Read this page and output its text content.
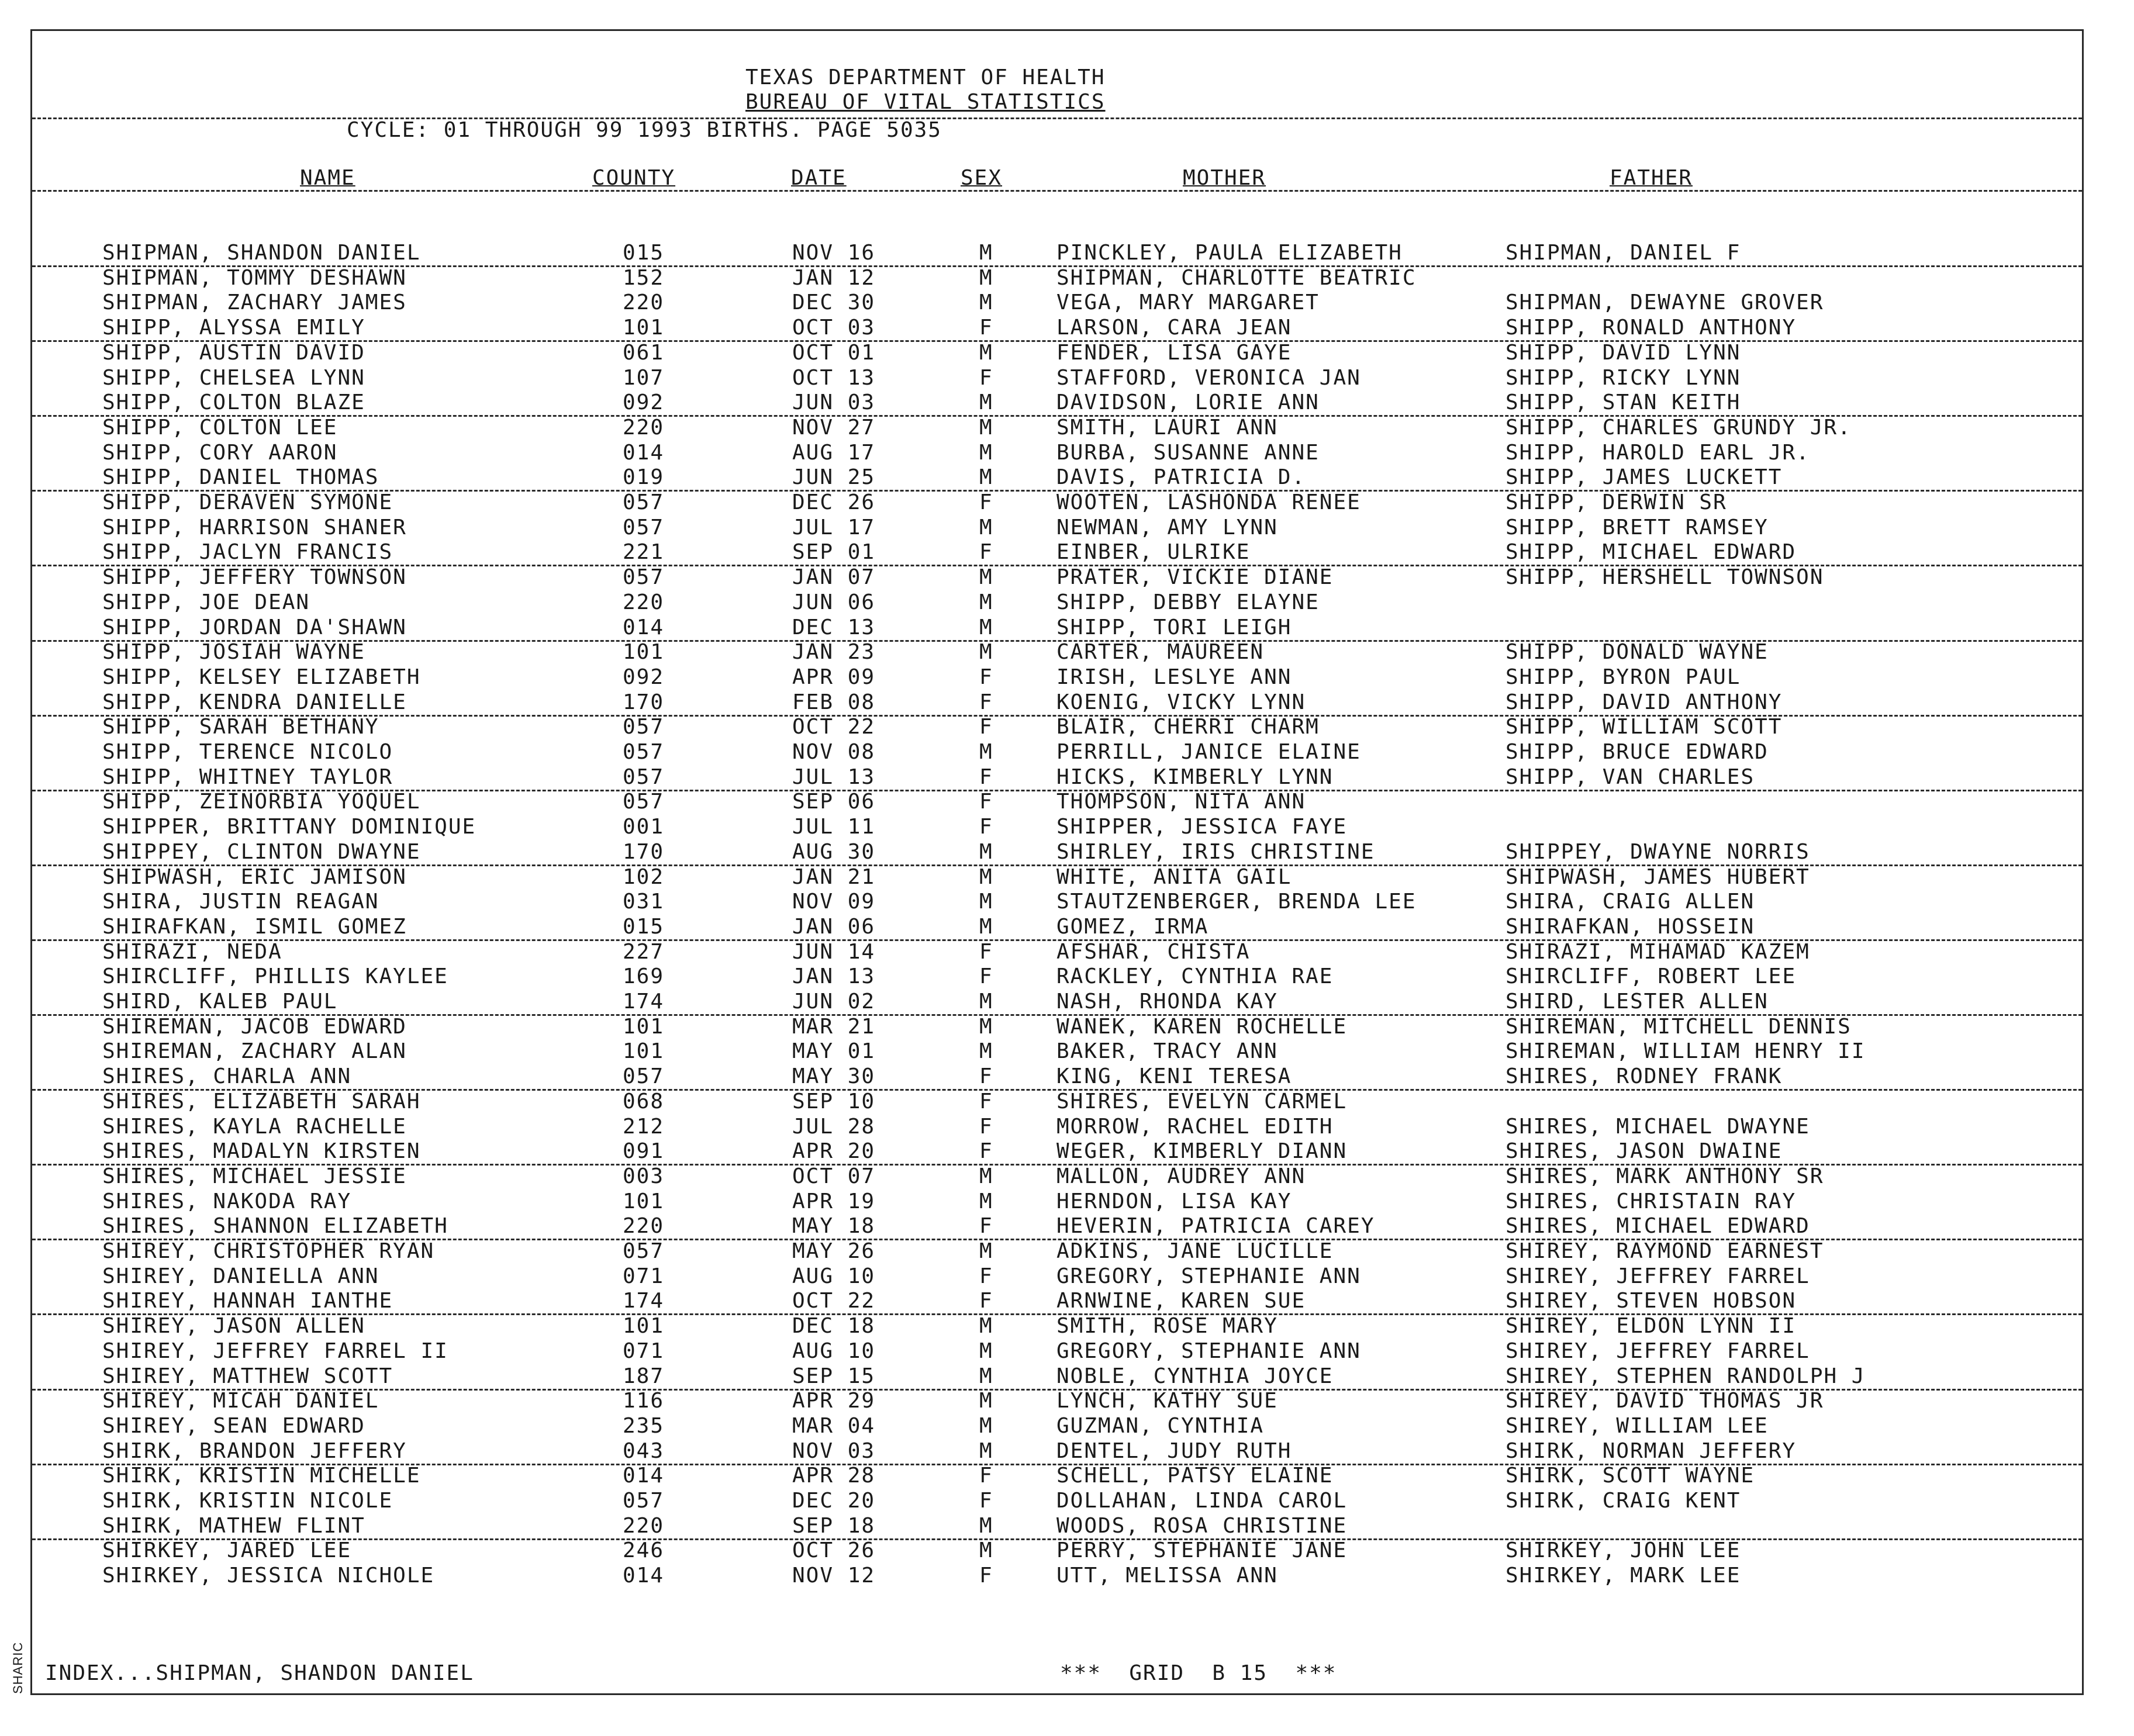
TEXAS DEPARTMENT OF HEALTH
BUREAU OF VITAL STATISTICS
CYCLE: 01 THROUGH 99 1993 BIRTHS. PAGE 5035
NAME	COUNTY	DATE	SEX	MOTHER	FATHER
SHIPMAN, SHANDON DANIEL	015	NOV 16	M	PINCKLEY, PAULA ELIZABETH	SHIPMAN, DANIEL F
SHIPMAN, TOMMY DESHAWN	152	JAN 12	M	SHIPMAN, CHARLOTTE BEATRIC
SHIPMAN, ZACHARY JAMES	220	DEC 30	M	VEGA, MARY MARGARET	SHIPMAN, DEWAYNE GROVER
SHIPP, ALYSSA EMILY	101	OCT 03	F	LARSON, CARA JEAN	SHIPP, RONALD ANTHONY
SHIPP, AUSTIN DAVID	061	OCT 01	M	FENDER, LISA GAYE	SHIPP, DAVID LYNN
SHIPP, CHELSEA LYNN	107	OCT 13	F	STAFFORD, VERONICA JAN	SHIPP, RICKY LYNN
SHIPP, COLTON BLAZE	092	JUN 03	M	DAVIDSON, LORIE ANN	SHIPP, STAN KEITH
SHIPP, COLTON LEE	220	NOV 27	M	SMITH, LAURI ANN	SHIPP, CHARLES GRUNDY JR.
SHIPP, CORY AARON	014	AUG 17	M	BURBA, SUSANNE ANNE	SHIPP, HAROLD EARL JR.
SHIPP, DANIEL THOMAS	019	JUN 25	M	DAVIS, PATRICIA D.	SHIPP, JAMES LUCKETT
SHIPP, DERAVEN SYMONE	057	DEC 26	F	WOOTEN, LASHONDA RENEE	SHIPP, DERWIN SR
SHIPP, HARRISON SHANER	057	JUL 17	M	NEWMAN, AMY LYNN	SHIPP, BRETT RAMSEY
SHIPP, JACLYN FRANCIS	221	SEP 01	F	EINBER, ULRIKE	SHIPP, MICHAEL EDWARD
SHIPP, JEFFERY TOWNSON	057	JAN 07	M	PRATER, VICKIE DIANE	SHIPP, HERSHELL TOWNSON
SHIPP, JOE DEAN	220	JUN 06	M	SHIPP, DEBBY ELAYNE
SHIPP, JORDAN DA'SHAWN	014	DEC 13	M	SHIPP, TORI LEIGH
SHIPP, JOSIAH WAYNE	101	JAN 23	M	CARTER, MAUREEN	SHIPP, DONALD WAYNE
SHIPP, KELSEY ELIZABETH	092	APR 09	F	IRISH, LESLYE ANN	SHIPP, BYRON PAUL
SHIPP, KENDRA DANIELLE	170	FEB 08	F	KOENIG, VICKY LYNN	SHIPP, DAVID ANTHONY
SHIPP, SARAH BETHANY	057	OCT 22	F	BLAIR, CHERRI CHARM	SHIPP, WILLIAM SCOTT
SHIPP, TERENCE NICOLO	057	NOV 08	M	PERRILL, JANICE ELAINE	SHIPP, BRUCE EDWARD
SHIPP, WHITNEY TAYLOR	057	JUL 13	F	HICKS, KIMBERLY LYNN	SHIPP, VAN CHARLES
SHIPP, ZEINORBIA YOQUEL	057	SEP 06	F	THOMPSON, NITA ANN
SHIPPER, BRITTANY DOMINIQUE	001	JUL 11	F	SHIPPER, JESSICA FAYE
SHIPPEY, CLINTON DWAYNE	170	AUG 30	M	SHIRLEY, IRIS CHRISTINE	SHIPPEY, DWAYNE NORRIS
SHIPWASH, ERIC JAMISON	102	JAN 21	M	WHITE, ANITA GAIL	SHIPWASH, JAMES HUBERT
SHIRA, JUSTIN REAGAN	031	NOV 09	M	STAUTZENBERGER, BRENDA LEE	SHIRA, CRAIG ALLEN
SHIRAFKAN, ISMIL GOMEZ	015	JAN 06	M	GOMEZ, IRMA	SHIRAFKAN, HOSSEIN
SHIRAZI, NEDA	227	JUN 14	F	AFSHAR, CHISTA	SHIRAZI, MIHAMAD KAZEM
SHIRCLIFF, PHILLIS KAYLEE	169	JAN 13	F	RACKLEY, CYNTHIA RAE	SHIRCLIFF, ROBERT LEE
SHIRD, KALEB PAUL	174	JUN 02	M	NASH, RHONDA KAY	SHIRD, LESTER ALLEN
SHIREMAN, JACOB EDWARD	101	MAR 21	M	WANEK, KAREN ROCHELLE	SHIREMAN, MITCHELL DENNIS
SHIREMAN, ZACHARY ALAN	101	MAY 01	M	BAKER, TRACY ANN	SHIREMAN, WILLIAM HENRY II
SHIRES, CHARLA ANN	057	MAY 30	F	KING, KENI TERESA	SHIRES, RODNEY FRANK
SHIRES, ELIZABETH SARAH	068	SEP 10	F	SHIRES, EVELYN CARMEL
SHIRES, KAYLA RACHELLE	212	JUL 28	F	MORROW, RACHEL EDITH	SHIRES, MICHAEL DWAYNE
SHIRES, MADALYN KIRSTEN	091	APR 20	F	WEGER, KIMBERLY DIANN	SHIRES, JASON DWAINE
SHIRES, MICHAEL JESSIE	003	OCT 07	M	MALLON, AUDREY ANN	SHIRES, MARK ANTHONY SR
SHIRES, NAKODA RAY	101	APR 19	M	HERNDON, LISA KAY	SHIRES, CHRISTAIN RAY
SHIRES, SHANNON ELIZABETH	220	MAY 18	F	HEVERIN, PATRICIA CAREY	SHIRES, MICHAEL EDWARD
SHIREY, CHRISTOPHER RYAN	057	MAY 26	M	ADKINS, JANE LUCILLE	SHIREY, RAYMOND EARNEST
SHIREY, DANIELLA ANN	071	AUG 10	F	GREGORY, STEPHANIE ANN	SHIREY, JEFFREY FARREL
SHIREY, HANNAH IANTHE	174	OCT 22	F	ARNWINE, KAREN SUE	SHIREY, STEVEN HOBSON
SHIREY, JASON ALLEN	101	DEC 18	M	SMITH, ROSE MARY	SHIREY, ELDON LYNN II
SHIREY, JEFFREY FARREL II	071	AUG 10	M	GREGORY, STEPHANIE ANN	SHIREY, JEFFREY FARREL
SHIREY, MATTHEW SCOTT	187	SEP 15	M	NOBLE, CYNTHIA JOYCE	SHIREY, STEPHEN RANDOLPH J
SHIREY, MICAH DANIEL	116	APR 29	M	LYNCH, KATHY SUE	SHIREY, DAVID THOMAS JR
SHIREY, SEAN EDWARD	235	MAR 04	M	GUZMAN, CYNTHIA	SHIREY, WILLIAM LEE
SHIRK, BRANDON JEFFERY	043	NOV 03	M	DENTEL, JUDY RUTH	SHIRK, NORMAN JEFFERY
SHIRK, KRISTIN MICHELLE	014	APR 28	F	SCHELL, PATSY ELAINE	SHIRK, SCOTT WAYNE
SHIRK, KRISTIN NICOLE	057	DEC 20	F	DOLLAHAN, LINDA CAROL	SHIRK, CRAIG KENT
SHIRK, MATHEW FLINT	220	SEP 18	M	WOODS, ROSA CHRISTINE
SHIRKEY, JARED LEE	246	OCT 26	M	PERRY, STEPHANIE JANE	SHIRKEY, JOHN LEE
SHIRKEY, JESSICA NICHOLE	014	NOV 12	F	UTT, MELISSA ANN	SHIRKEY, MARK LEE
INDEX...SHIPMAN, SHANDON DANIEL	***  GRID  B 15  ***
SHARIC
